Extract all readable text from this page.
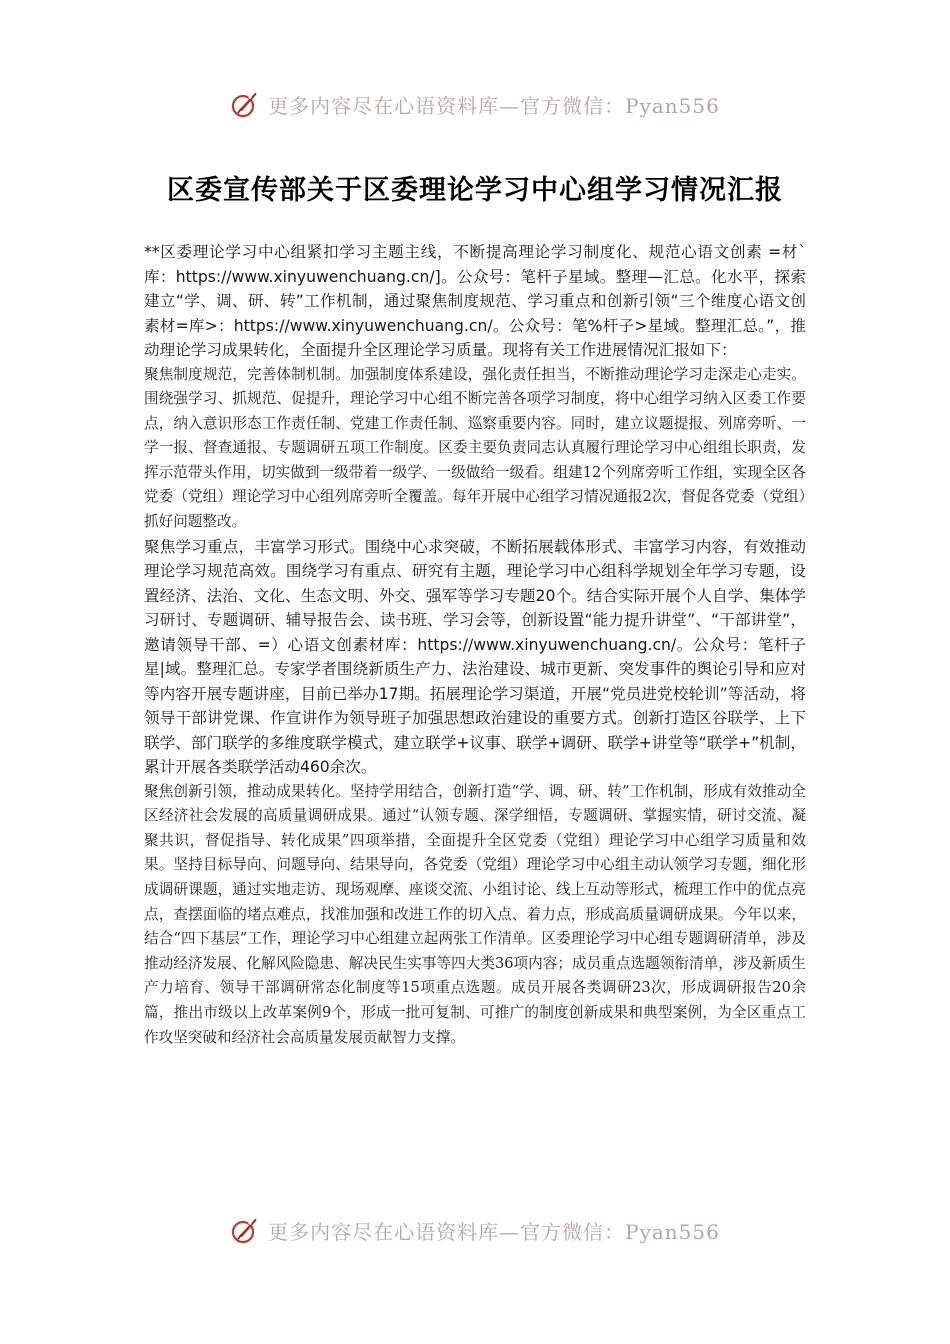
更多内容尽在心语资料库—官方微信：Pyan556
区委宣传部关于区委理论学习中心组学习情况汇报

**区委理论学习中心组紧扣学习主题主线，不断提高理论学习制度化、规范心语文创素 =材`库：https://www.xinyuwenchuang.cn/]。公众号：笔杆子星域。整理—汇总。化水平，探索建立“学、调、研、转”工作机制，通过聚焦制度规范、学习重点和创新引领“三个维度心语文创素材=库>：https://www.xinyuwenchuang.cn/。公众号：笔%杆子>星域。整理汇总。”，推动理论学习成果转化，全面提升全区理论学习质量。现将有关工作进展情况汇报如下：

聚焦制度规范，完善体制机制。加强制度体系建设，强化责任担当，不断推动理论学习走深走心走实。围绕强学习、抓规范、促提升，理论学习中心组不断完善各项学习制度，将中心组学习纳入区委工作要点，纳入意识形态工作责任制、党建工作责任制、巡察重要内容。同时，建立议题提报、列席旁听、一学一报、督查通报、专题调研五项工作制度。区委主要负责同志认真履行理论学习中心组组长职责，发挥示范带头作用，切实做到一级带着一级学、一级做给一级看。组建12个列席旁听工作组，实现全区各党委（党组）理论学习中心组列席旁听全覆盖。每年开展中心组学习情况通报2次，督促各党委（党组）抓好问题整改。

聚焦学习重点，丰富学习形式。围绕中心求突破，不断拓展载体形式、丰富学习内容，有效推动理论学习规范高效。围绕学习有重点、研究有主题，理论学习中心组科学规划全年学习专题，设置经济、法治、文化、生态文明、外交、强军等学习专题20个。结合实际开展个人自学、集体学习研讨、专题调研、辅导报告会、读书班、学习会等，创新设置“能力提升讲堂”、“干部讲堂”，邀请领导干部、=）心语文创素材库：https://www.xinyuwenchuang.cn/。公众号：笔杆子星|域。整理汇总。专家学者围绕新质生产力、法治建设、城市更新、突发事件的舆论引导和应对等内容开展专题讲座，目前已举办17期。拓展理论学习渠道，开展“党员进党校轮训”等活动，将领导干部讲党课、作宣讲作为领导班子加强思想政治建设的重要方式。创新打造区谷联学、上下联学、部门联学的多维度联学模式，建立联学+议事、联学+调研、联学+讲堂等“联学+”机制，累计开展各类联学活动460余次。

聚焦创新引领，推动成果转化。坚持学用结合，创新打造“学、调、研、转”工作机制，形成有效推动全区经济社会发展的高质量调研成果。通过“认领专题、深学细悟，专题调研、掌握实情，研讨交流、凝聚共识，督促指导、转化成果”四项举措，全面提升全区党委（党组）理论学习中心组学习质量和效果。坚持目标导向、问题导向、结果导向，各党委（党组）理论学习中心组主动认领学习专题，细化形成调研课题，通过实地走访、现场观摩、座谈交流、小组讨论、线上互动等形式，梳理工作中的优点亮点，查摆面临的堵点难点，找准加强和改进工作的切入点、着力点，形成高质量调研成果。今年以来，结合“四下基层”工作，理论学习中心组建立起两张工作清单。区委理论学习中心组专题调研清单，涉及推动经济发展、化解风险隐患、解决民生实事等四大类36项内容；成员重点选题领衔清单，涉及新质生产力培育、领导干部调研常态化制度等15项重点选题。成员开展各类调研23次，形成调研报告20余篇，推出市级以上改革案例9个，形成一批可复制、可推广的制度创新成果和典型案例，为全区重点工作攻坚突破和经济社会高质量发展贡献智力支撑。

更多内容尽在心语资料库—官方微信：Pyan556
